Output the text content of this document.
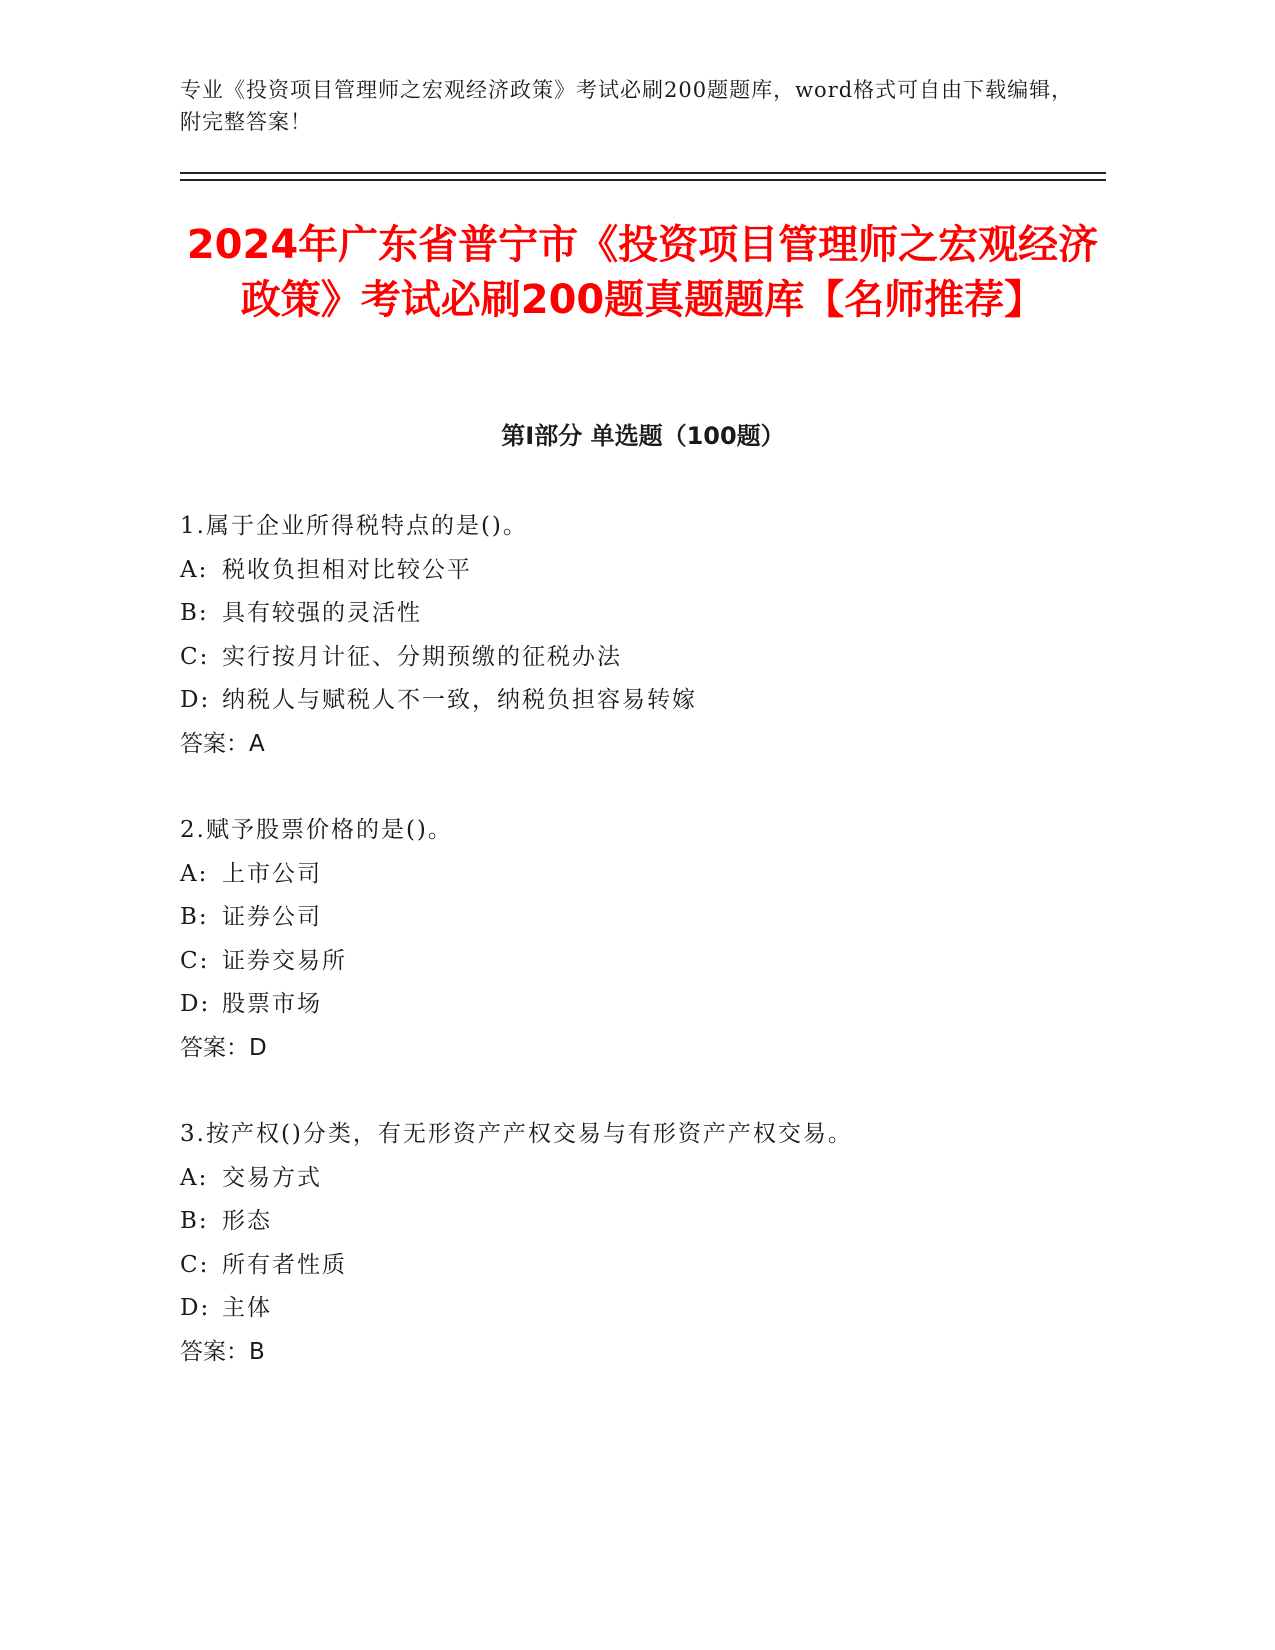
专业《投资项目管理师之宏观经济政策》考试必刷200题题库，word格式可自由下载编辑，附完整答案！
2024年广东省普宁市《投资项目管理师之宏观经济政策》考试必刷200题真题题库【名师推荐】
第Ⅰ部分 单选题（100题）
1.属于企业所得税特点的是()。
A: 税收负担相对比较公平
B: 具有较强的灵活性
C: 实行按月计征、分期预缴的征税办法
D: 纳税人与赋税人不一致，纳税负担容易转嫁
答案：A
2.赋予股票价格的是()。
A: 上市公司
B: 证券公司
C: 证券交易所
D: 股票市场
答案：D
3.按产权()分类，有无形资产产权交易与有形资产产权交易。
A: 交易方式
B: 形态
C: 所有者性质
D: 主体
答案：B
